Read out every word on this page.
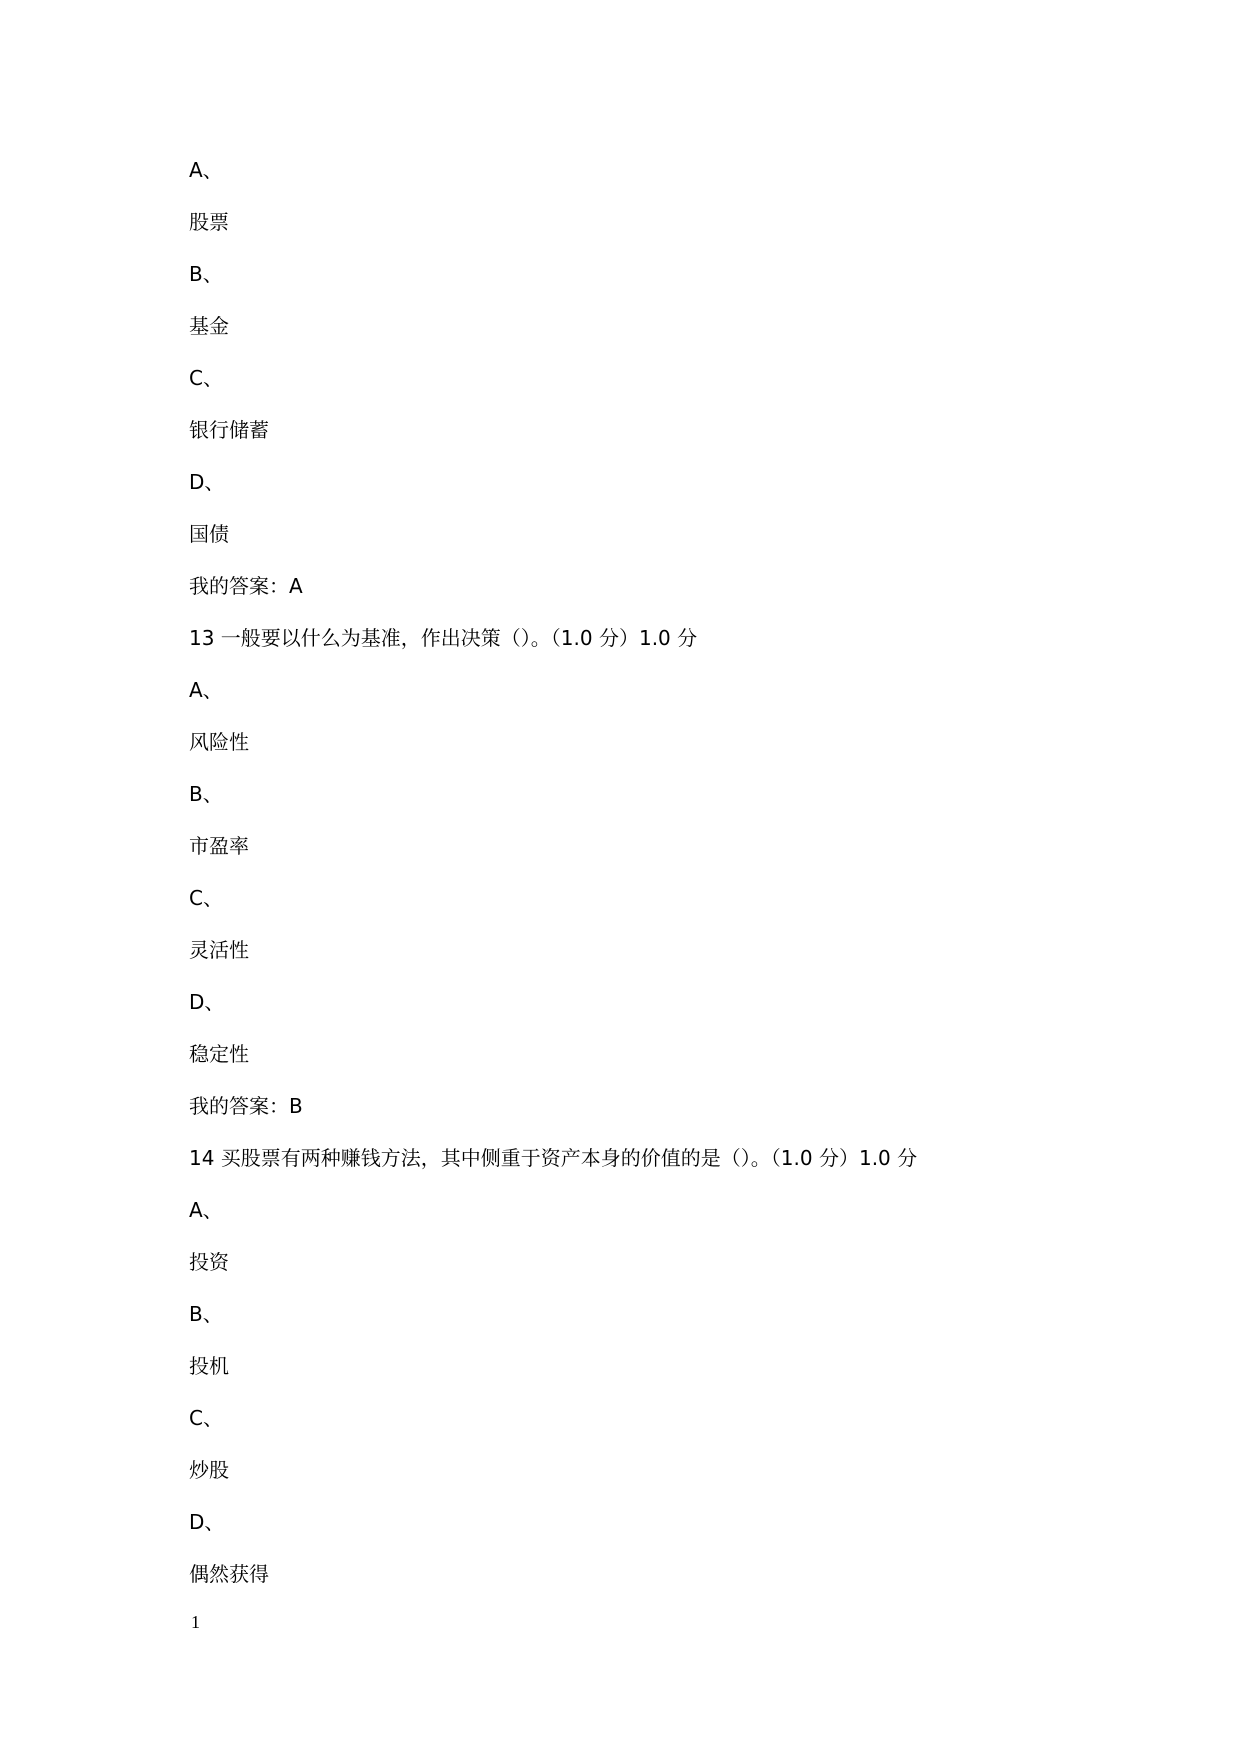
A、
股票
B、
基金
C、
银行储蓄
D、
国债
我的答案：A
13 一般要以什么为基准，作出决策（）。（1.0 分）1.0 分
A、
风险性
B、
市盈率
C、
灵活性
D、
稳定性
我的答案：B
14 买股票有两种赚钱方法，其中侧重于资产本身的价值的是（）。（1.0 分）1.0 分
A、
投资
B、
投机
C、
炒股
D、
偶然获得
1
